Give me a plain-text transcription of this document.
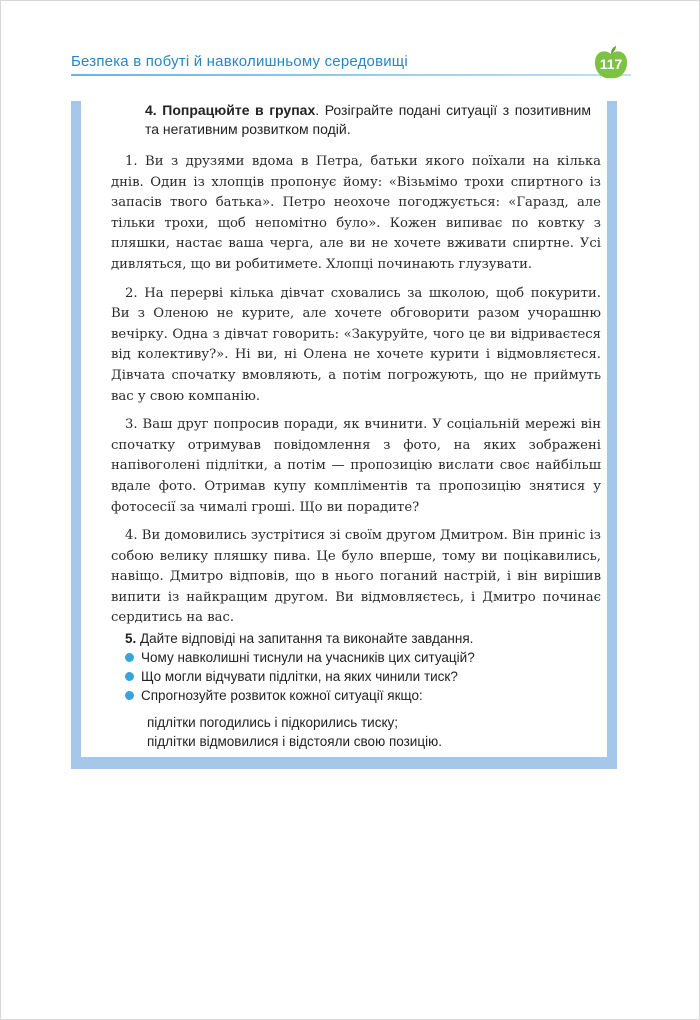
Безпека в побуті й навколишньому середовищі	117
4. Попрацюйте в групах. Розіграйте подані ситуації з позитивним та негативним розвитком подій.

1. Ви з друзями вдома в Петра, батьки якого поїхали на кілька днів. Один із хлопців пропонує йому: «Візьмімо трохи спиртного із запасів твого батька». Петро неохоче погоджується: «Гаразд, але тільки трохи, щоб непомітно було». Кожен випиває по ковтку з пляшки, настає ваша черга, але ви не хочете вживати спиртне. Усі дивляться, що ви робитимете. Хлопці починають глузувати.

2. На перерві кілька дівчат сховались за школою, щоб покурити. Ви з Оленою не курите, але хочете обговорити разом учорашню вечірку. Одна з дівчат говорить: «Закуруйте, чого це ви відриваєтеся від колективу?». Ні ви, ні Олена не хочете курити і відмовляєтеся. Дівчата спочатку вмовляють, а потім погрожують, що не приймуть вас у свою компанію.

3. Ваш друг попросив поради, як вчинити. У соціальній мережі він спочатку отримував повідомлення з фото, на яких зображені напівоголені підлітки, а потім — пропозицію вислати своє найбільш вдале фото. Отримав купу компліментів та пропозицію знятися у фотосесії за чималі гроші. Що ви порадите?

4. Ви домовились зустрітися зі своїм другом Дмитром. Він приніс із собою велику пляшку пива. Це було вперше, тому ви поцікавились, навіщо. Дмитро відповів, що в нього поганий настрій, і він вирішив випити із найкращим другом. Ви відмовляєтесь, і Дмитро починає сердитись на вас.

5. Дайте відповіді на запитання та виконайте завдання.
Чому навколишні тиснули на учасників цих ситуацій?
Що могли відчувати підлітки, на яких чинили тиск?
Спрогнозуйте розвиток кожної ситуації якщо:
підлітки погодились і підкорились тиску;
підлітки відмовилися і відстояли свою позицію.
